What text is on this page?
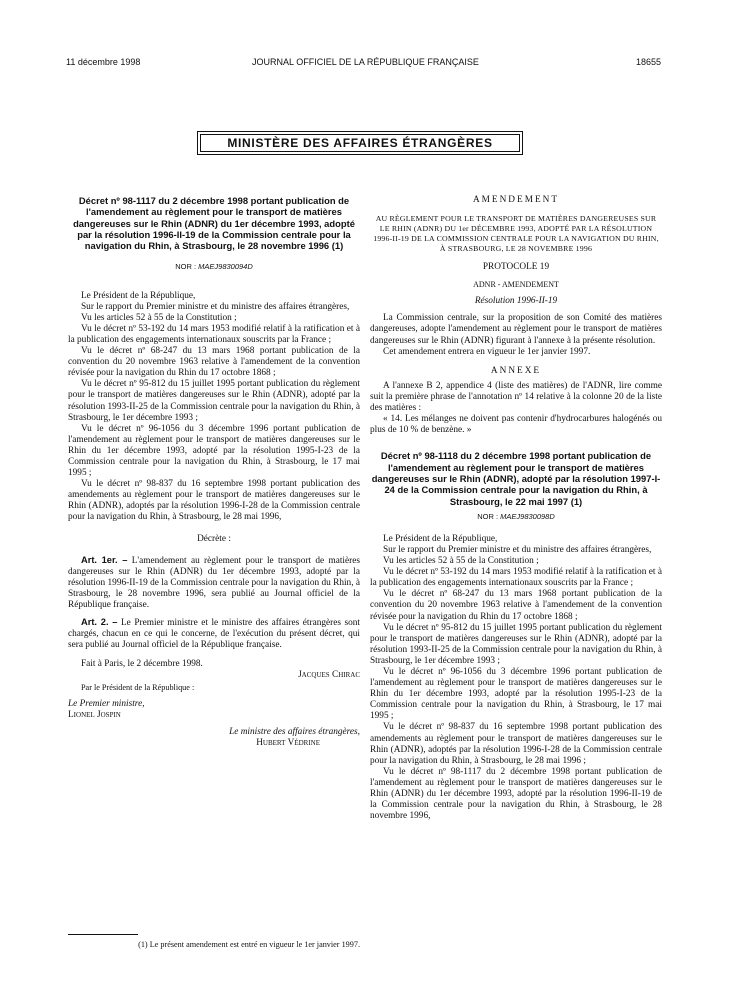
11 décembre 1998	JOURNAL OFFICIEL DE LA RÉPUBLIQUE FRANÇAISE	18655
MINISTÈRE DES AFFAIRES ÉTRANGÈRES

Décret nº 98-1117 du 2 décembre 1998 portant publication de l'amendement au règlement pour le transport de matières dangereuses sur le Rhin (ADNR) du 1er décembre 1993, adopté par la résolution 1996-II-19 de la Commission centrale pour la navigation du Rhin, à Strasbourg, le 28 novembre 1996 (1)

NOR : MAEJ9830094D

Le Président de la République,

Sur le rapport du Premier ministre et du ministre des affaires étrangères,

Vu les articles 52 à 55 de la Constitution ;

Vu le décret nº 53-192 du 14 mars 1953 modifié relatif à la ratification et à la publication des engagements internationaux souscrits par la France ;

Vu le décret nº 68-247 du 13 mars 1968 portant publication de la convention du 20 novembre 1963 relative à l'amendement de la convention révisée pour la navigation du Rhin du 17 octobre 1868 ;

Vu le décret nº 95-812 du 15 juillet 1995 portant publication du règlement pour le transport de matières dangereuses sur le Rhin (ADNR), adopté par la résolution 1993-II-25 de la Commission centrale pour la navigation du Rhin, à Strasbourg, le 1er décembre 1993 ;

Vu le décret nº 96-1056 du 3 décembre 1996 portant publication de l'amendement au règlement pour le transport de matières dangereuses sur le Rhin du 1er décembre 1993, adopté par la résolution 1995-I-23 de la Commission centrale pour la navigation du Rhin, à Strasbourg, le 17 mai 1995 ;

Vu le décret nº 98-837 du 16 septembre 1998 portant publication des amendements au règlement pour le transport de matières dangereuses sur le Rhin (ADNR), adoptés par la résolution 1996-I-28 de la Commission centrale pour la navigation du Rhin, à Strasbourg, le 28 mai 1996,

Décrète :

Art. 1er. – L'amendement au règlement pour le transport de matières dangereuses sur le Rhin (ADNR) du 1er décembre 1993, adopté par la résolution 1996-II-19 de la Commission centrale pour la navigation du Rhin, à Strasbourg, le 28 novembre 1996, sera publié au Journal officiel de la République française.

Art. 2. – Le Premier ministre et le ministre des affaires étrangères sont chargés, chacun en ce qui le concerne, de l'exécution du présent décret, qui sera publié au Journal officiel de la République française.

Fait à Paris, le 2 décembre 1998.

Jacques Chirac

Par le Président de la République :

Le Premier ministre,

Lionel Jospin

Le ministre des affaires étrangères,

Hubert Védrine

(1) Le présent amendement est entré en vigueur le 1er janvier 1997.

AMENDEMENT

AU RÈGLEMENT POUR LE TRANSPORT DE MATIÈRES DANGEREUSES SUR LE RHIN (ADNR) DU 1er DÉCEMBRE 1993, ADOPTÉ PAR LA RÉSOLUTION 1996-II-19 DE LA COMMISSION CENTRALE POUR LA NAVIGATION DU RHIN, À STRASBOURG, LE 28 NOVEMBRE 1996

PROTOCOLE 19

ADNR - AMENDEMENT

Résolution 1996-II-19

La Commission centrale, sur la proposition de son Comité des matières dangereuses, adopte l'amendement au règlement pour le transport de matières dangereuses sur le Rhin (ADNR) figurant à l'annexe à la présente résolution.

Cet amendement entrera en vigueur le 1er janvier 1997.

ANNEXE

A l'annexe B 2, appendice 4 (liste des matières) de l'ADNR, lire comme suit la première phrase de l'annotation nº 14 relative à la colonne 20 de la liste des matières :

« 14. Les mélanges ne doivent pas contenir d'hydrocarbures halogénés ou plus de 10 % de benzène. »

Décret nº 98-1118 du 2 décembre 1998 portant publication de l'amendement au règlement pour le transport de matières dangereuses sur le Rhin (ADNR), adopté par la résolution 1997-I-24 de la Commission centrale pour la navigation du Rhin, à Strasbourg, le 22 mai 1997 (1)

NOR : MAEJ9830098D

Le Président de la République,

Sur le rapport du Premier ministre et du ministre des affaires étrangères,

Vu les articles 52 à 55 de la Constitution ;

Vu le décret nº 53-192 du 14 mars 1953 modifié relatif à la ratification et à la publication des engagements internationaux souscrits par la France ;

Vu le décret nº 68-247 du 13 mars 1968 portant publication de la convention du 20 novembre 1963 relative à l'amendement de la convention révisée pour la navigation du Rhin du 17 octobre 1868 ;

Vu le décret nº 95-812 du 15 juillet 1995 portant publication du règlement pour le transport de matières dangereuses sur le Rhin (ADNR), adopté par la résolution 1993-II-25 de la Commission centrale pour la navigation du Rhin, à Strasbourg, le 1er décembre 1993 ;

Vu le décret nº 96-1056 du 3 décembre 1996 portant publication de l'amendement au règlement pour le transport de matières dangereuses sur le Rhin du 1er décembre 1993, adopté par la résolution 1995-I-23 de la Commission centrale pour la navigation du Rhin, à Strasbourg, le 17 mai 1995 ;

Vu le décret nº 98-837 du 16 septembre 1998 portant publication des amendements au règlement pour le transport de matières dangereuses sur le Rhin (ADNR), adoptés par la résolution 1996-I-28 de la Commission centrale pour la navigation du Rhin, à Strasbourg, le 28 mai 1996 ;

Vu le décret nº 98-1117 du 2 décembre 1998 portant publication de l'amendement au règlement pour le transport de matières dangereuses sur le Rhin (ADNR) du 1er décembre 1993, adopté par la résolution 1996-II-19 de la Commission centrale pour la navigation du Rhin, à Strasbourg, le 28 novembre 1996,
